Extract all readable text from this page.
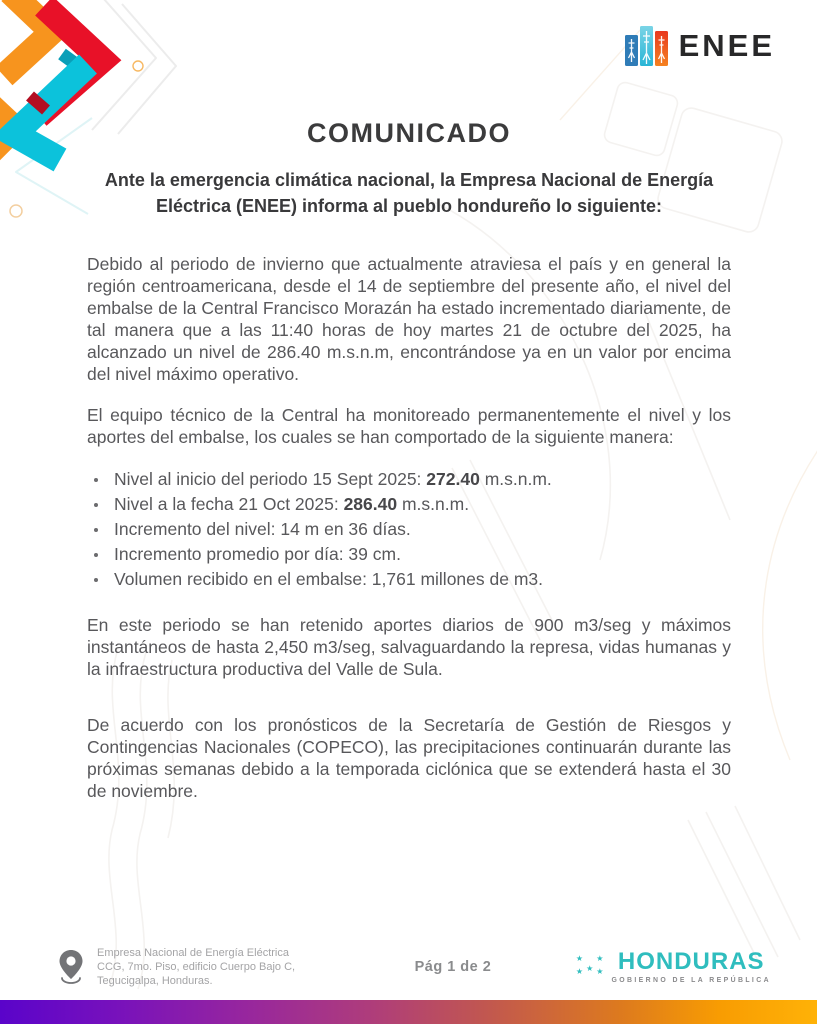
ENEE
COMUNICADO
Ante la emergencia climática nacional, la Empresa Nacional de Energía Eléctrica (ENEE) informa al pueblo hondureño lo siguiente:

Debido al periodo de invierno que actualmente atraviesa el país y en general la región centroamericana, desde el 14 de septiembre del presente año, el nivel del embalse de la Central Francisco Morazán ha estado incrementado diariamente, de tal manera que a las 11:40 horas de hoy martes 21 de octubre del 2025, ha alcanzado un nivel de 286.40 m.s.n.m, encontrándose ya en un valor por encima del nivel máximo operativo.

El equipo técnico de la Central ha monitoreado permanentemente el nivel y los aportes del embalse, los cuales se han comportado de la siguiente manera:

Nivel al inicio del periodo 15 Sept 2025: 272.40 m.s.n.m.
Nivel a la fecha 21 Oct 2025: 286.40 m.s.n.m.
Incremento del nivel: 14 m en 36 días.
Incremento promedio por día: 39 cm.
Volumen recibido en el embalse: 1,761 millones de m3.

En este periodo se han retenido aportes diarios de 900 m3/seg y máximos instantáneos de hasta 2,450 m3/seg, salvaguardando la represa, vidas humanas y la infraestructura productiva del Valle de Sula.

De acuerdo con los pronósticos de la Secretaría de Gestión de Riesgos y Contingencias Nacionales (COPECO), las precipitaciones continuarán durante las próximas semanas debido a la temporada ciclónica que se extenderá hasta el 30 de noviembre.

Empresa Nacional de Energía Eléctrica
CCG, 7mo. Piso, edificio Cuerpo Bajo C,
Tegucigalpa, Honduras.
Pág 1 de 2
★
★ ★
★
★ HONDURAS
GOBIERNO DE LA REPÚBLICA
